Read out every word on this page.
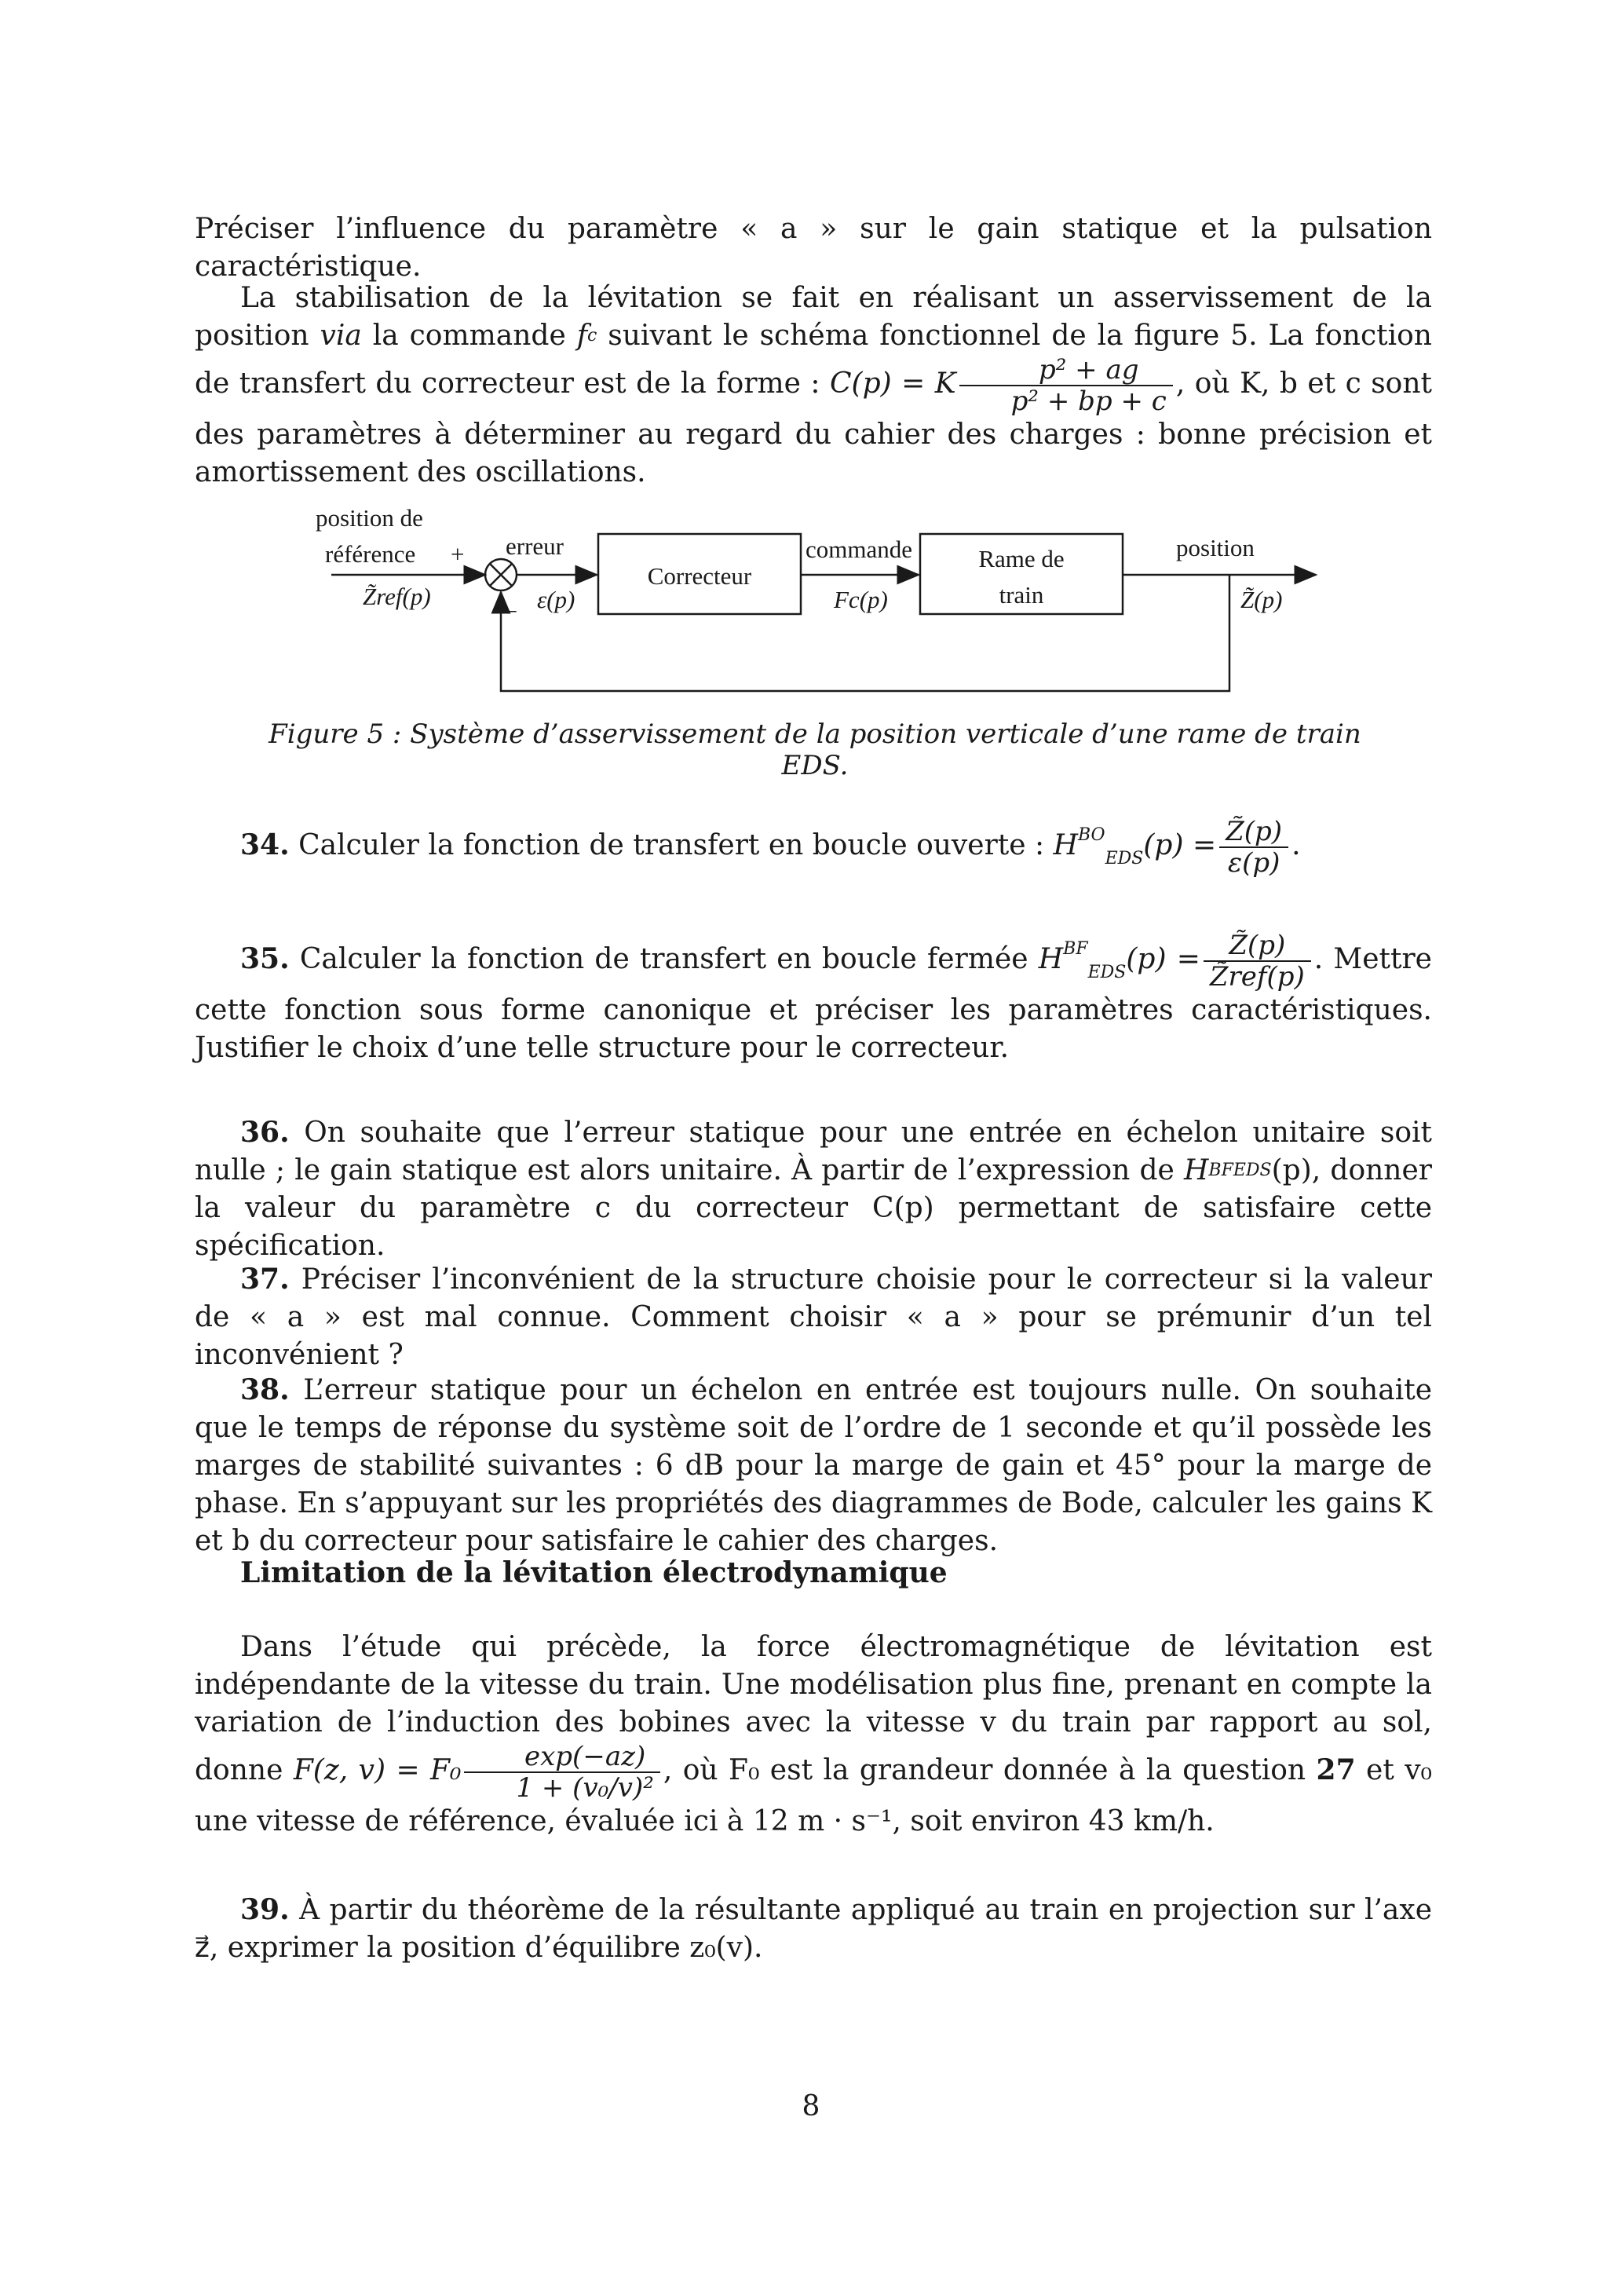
Préciser l’influence du paramètre « a » sur le gain statique et la pulsation caractéristique.
La stabilisation de la lévitation se fait en réalisant un asservissement de la position via la commande fc suivant le schéma fonctionnel de la figure 5. La fonction de transfert du correcteur est de la forme : C(p) = K $\frac{\text{p² + ag}}{\text{p² + bp + c}}$ , où K, b et c sont des paramètres à déterminer au regard du cahier des charges : bonne précision et amortissement des oscillations.
position de
référence +
–
Z̃ref(p)
erreur
ε(p)
Correcteur
commande
Fc(p)
Rame de
train
position
Z̃(p)
Figure 5 : Système d’asservissement de la position verticale d’une rame de train EDS.
34. Calculer la fonction de transfert en boucle ouverte : $H^{BO}EDS(p) = \frac{Z̃(p)}{\varepsilon(p)}$ .
35. Calculer la fonction de transfert en boucle fermée $H^{BF}EDS(p) = \frac{Z̃(p)}{\text{Z̃ref(p)}}$ . Mettre cette fonction sous forme canonique et préciser les paramètres caractéristiques. Justifier le choix d’une telle structure pour le correcteur.
36. On souhaite que l’erreur statique pour une entrée en échelon unitaire soit nulle ; le gain statique est alors unitaire. À partir de l’expression de $H^{BF}EDS(p)$, donner la valeur du paramètre c du correcteur C(p) permettant de satisfaire cette spécification.
37. Préciser l’inconvénient de la structure choisie pour le correcteur si la valeur de « a » est mal connue. Comment choisir « a » pour se prémunir d’un tel inconvénient ?
38. L’erreur statique pour un échelon en entrée est toujours nulle. On souhaite que le temps de réponse du système soit de l’ordre de 1 seconde et qu’il possède les marges de stabilité suivantes : 6 dB pour la marge de gain et 45° pour la marge de phase. En s’appuyant sur les propriétés des diagrammes de Bode, calculer les gains K et b du correcteur pour satisfaire le cahier des charges.
Limitation de la lévitation électrodynamique
Dans l’étude qui précède, la force électromagnétique de lévitation est indépendante de la vitesse du train. Une modélisation plus fine, prenant en compte la variation de l’induction des bobines avec la vitesse v du train par rapport au sol, donne F(z, $v) = F_0 \frac{\exp(-az)}{\text{1 + (v₀/v)²}}$ , où F₀ est la grandeur donnée à la question 27 et v₀ une vitesse de référence, évaluée ici à 12 m · s⁻¹, soit environ 43 km/h.
39. À partir du théorème de la résultante appliqué au train en projection sur l’axe z⃗, exprimer la position d’équilibre z₀(v).
8
